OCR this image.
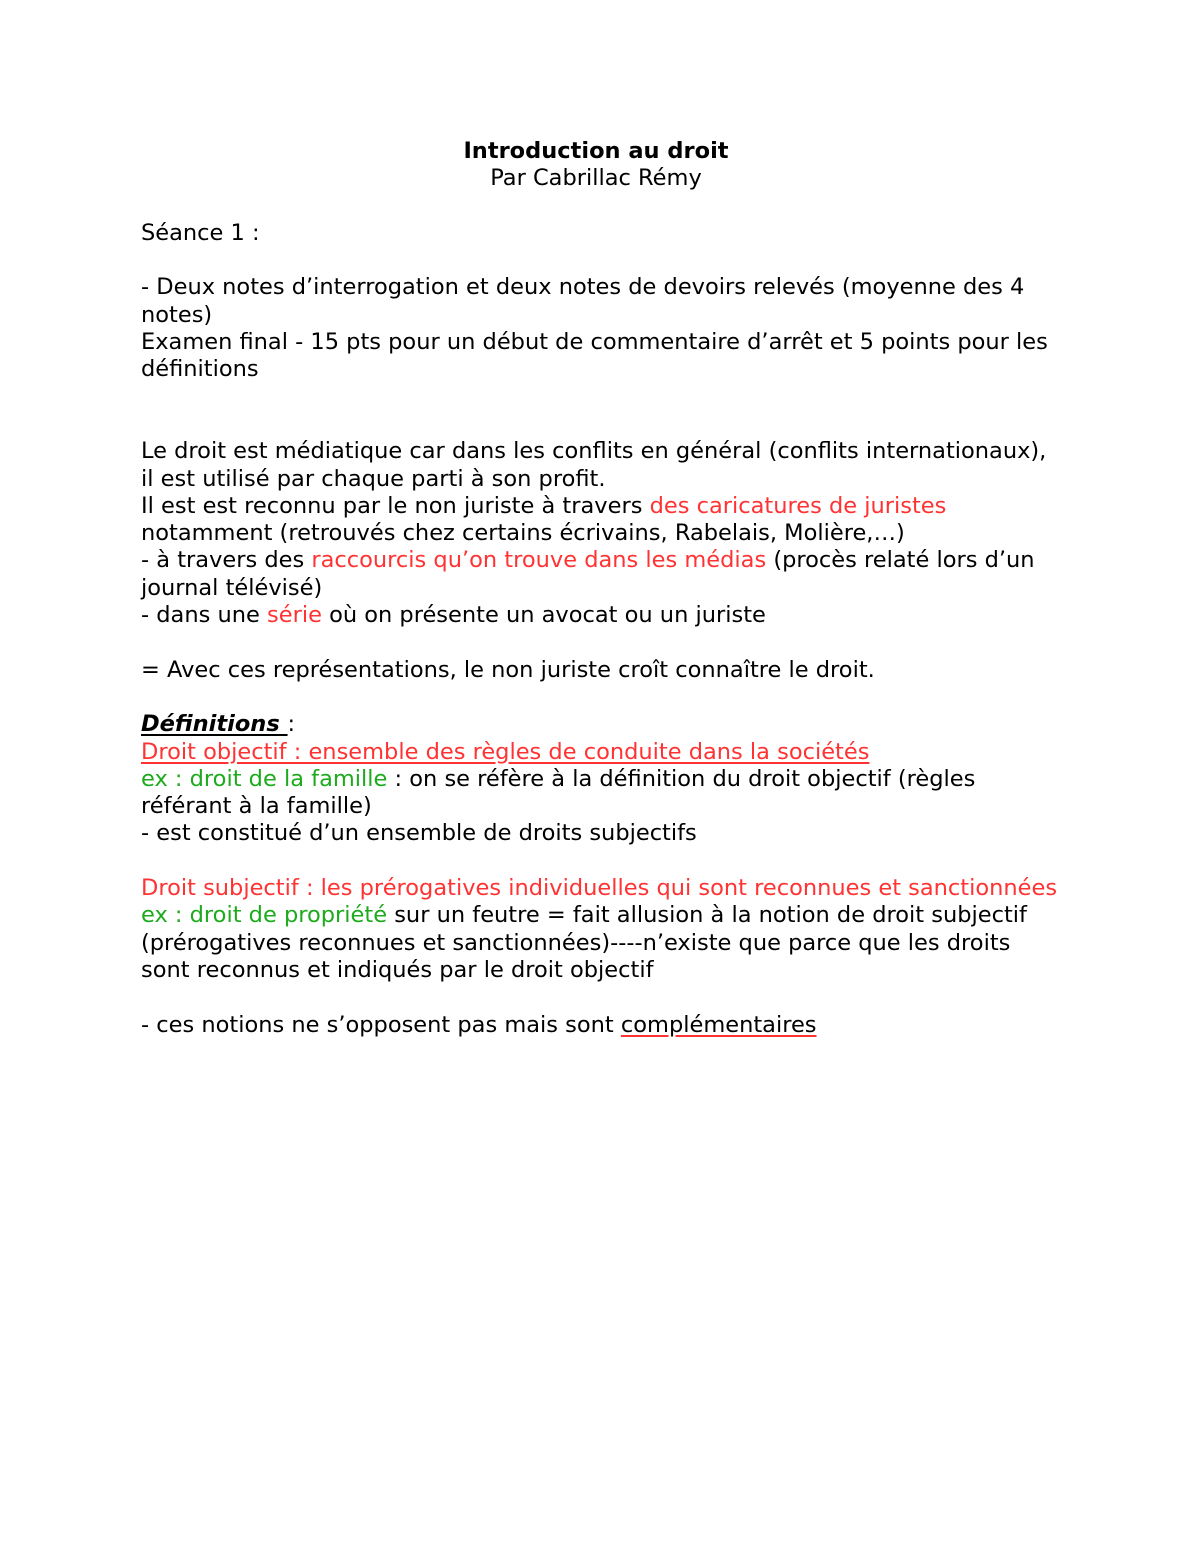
Introduction au droit
Par Cabrillac Rémy

Séance 1 :

- Deux notes d’interrogation et deux notes de devoirs relevés (moyenne des 4 notes)

Examen final - 15 pts pour un début de commentaire d’arrêt et 5 points pour les définitions

Le droit est médiatique car dans les conflits en général (conflits internationaux), il est utilisé par chaque parti à son profit.

Il est est reconnu par le non juriste à travers des caricatures de juristes notamment (retrouvés chez certains écrivains, Rabelais, Molière,…)

- à travers des raccourcis qu’on trouve dans les médias (procès relaté lors d’un journal télévisé)

- dans une série où on présente un avocat ou un juriste

= Avec ces représentations, le non juriste croît connaître le droit.

Définitions :

Droit objectif : ensemble des règles de conduite dans la sociétés

ex : droit de la famille : on se réfère à la définition du droit objectif (règles référant à la famille)

- est constitué d’un ensemble de droits subjectifs

Droit subjectif : les prérogatives individuelles qui sont reconnues et sanctionnées

ex : droit de propriété sur un feutre = fait allusion à la notion de droit subjectif (prérogatives reconnues et sanctionnées)----n’existe que parce que les droits sont reconnus et indiqués par le droit objectif

- ces notions ne s’opposent pas mais sont complémentaires
